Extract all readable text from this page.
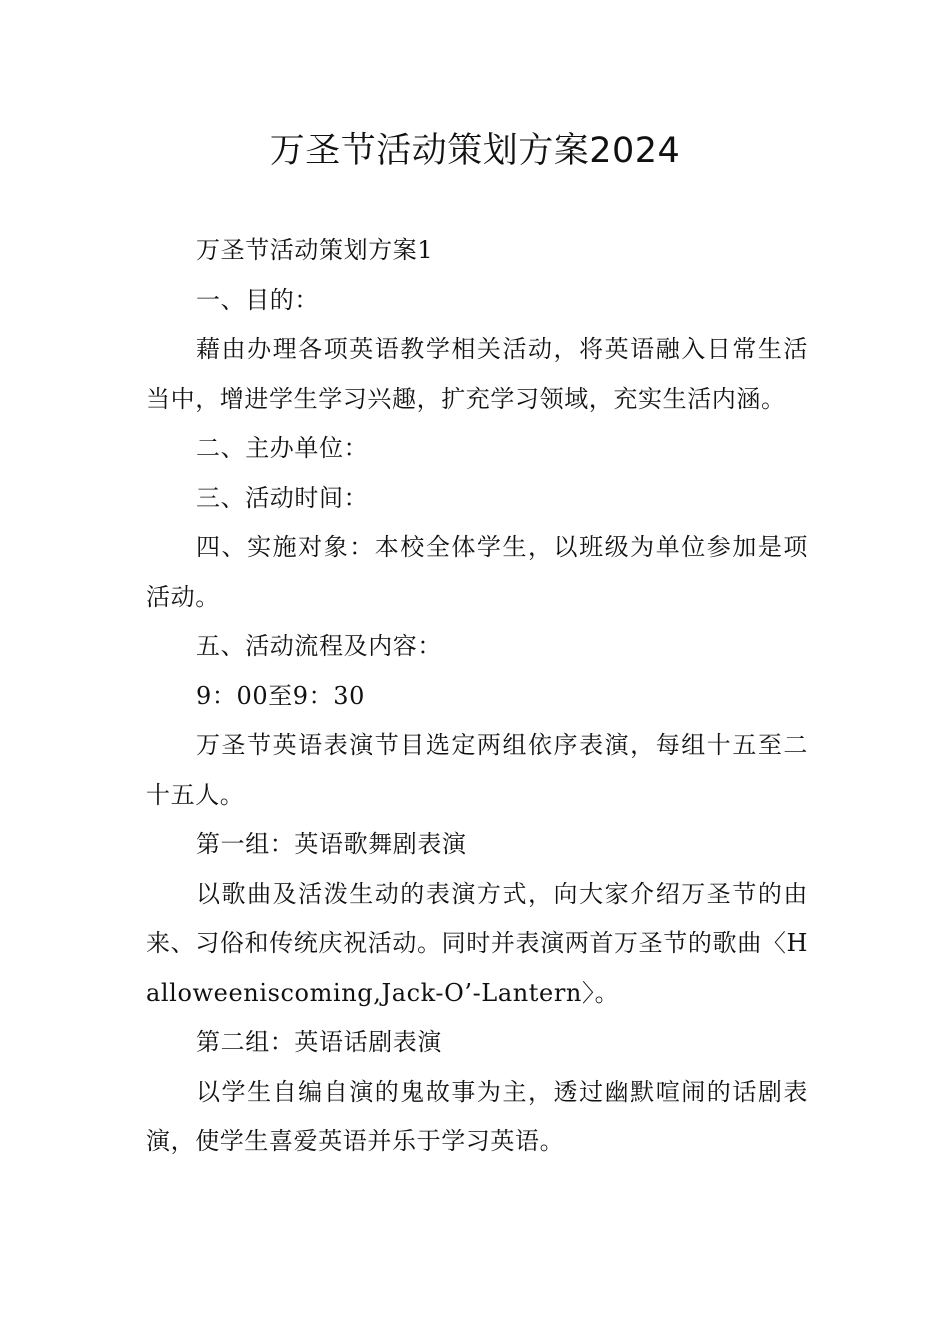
万圣节活动策划方案2024

万圣节活动策划方案1

一、目的：

藉由办理各项英语教学相关活动，将英语融入日常生活当中，增进学生学习兴趣，扩充学习领域，充实生活内涵。

二、主办单位：

三、活动时间：

四、实施对象：本校全体学生，以班级为单位参加是项活动。

五、活动流程及内容：

9：00至9：30

万圣节英语表演节目选定两组依序表演，每组十五至二十五人。

第一组：英语歌舞剧表演

以歌曲及活泼生动的表演方式，向大家介绍万圣节的由来、习俗和传统庆祝活动。同时并表演两首万圣节的歌曲〈Halloweeniscoming,Jack-O’-Lantern〉。

第二组：英语话剧表演

以学生自编自演的鬼故事为主，透过幽默喧闹的话剧表演，使学生喜爱英语并乐于学习英语。
